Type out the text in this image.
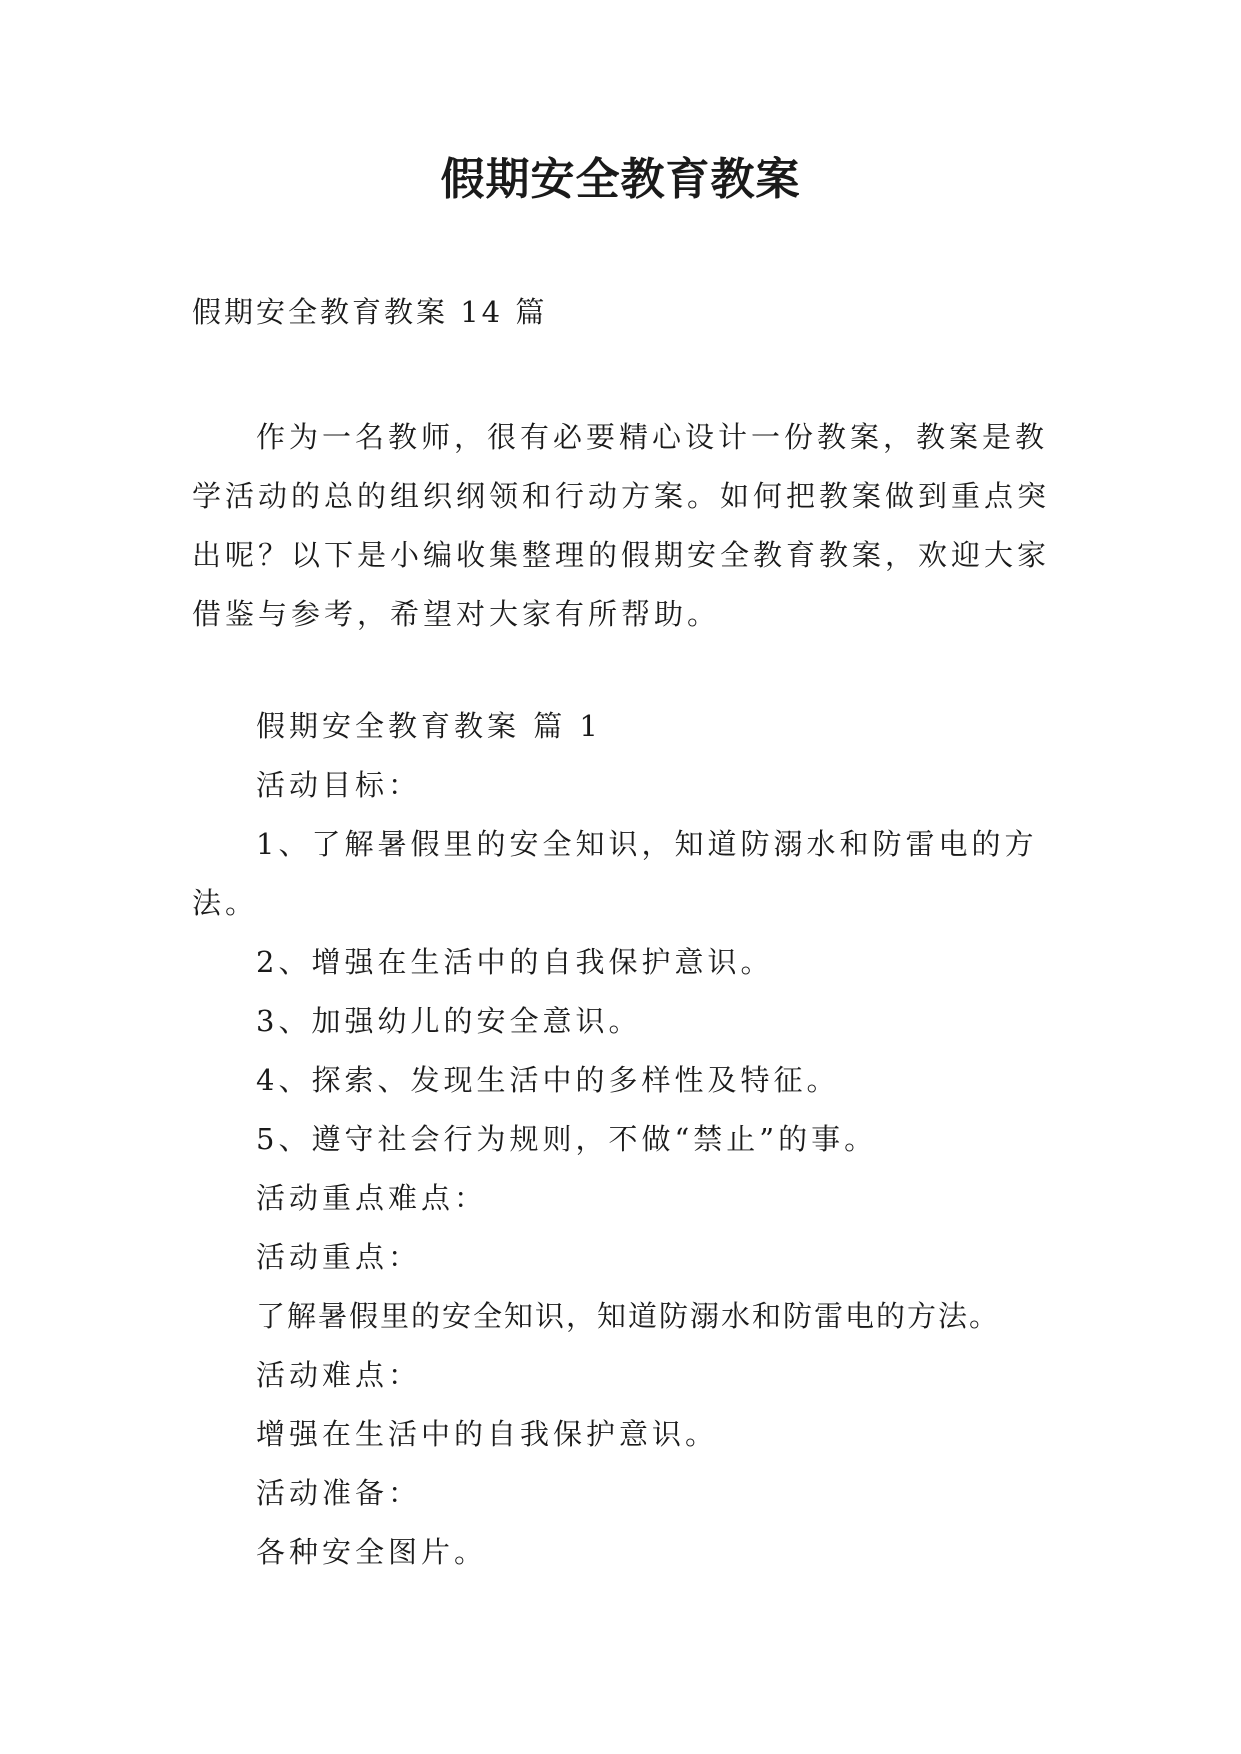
假期安全教育教案

假期安全教育教案 14 篇

作为一名教师，很有必要精心设计一份教案，教案是教学活动的总的组织纲领和行动方案。如何把教案做到重点突出呢？以下是小编收集整理的假期安全教育教案，欢迎大家借鉴与参考，希望对大家有所帮助。

假期安全教育教案 篇 1

活动目标：

1、了解暑假里的安全知识，知道防溺水和防雷电的方法。

2、增强在生活中的自我保护意识。

3、加强幼儿的安全意识。

4、探索、发现生活中的多样性及特征。

5、遵守社会行为规则，不做“禁止”的事。

活动重点难点：

活动重点：

了解暑假里的安全知识，知道防溺水和防雷电的方法。

活动难点：

增强在生活中的自我保护意识。

活动准备：

各种安全图片。
